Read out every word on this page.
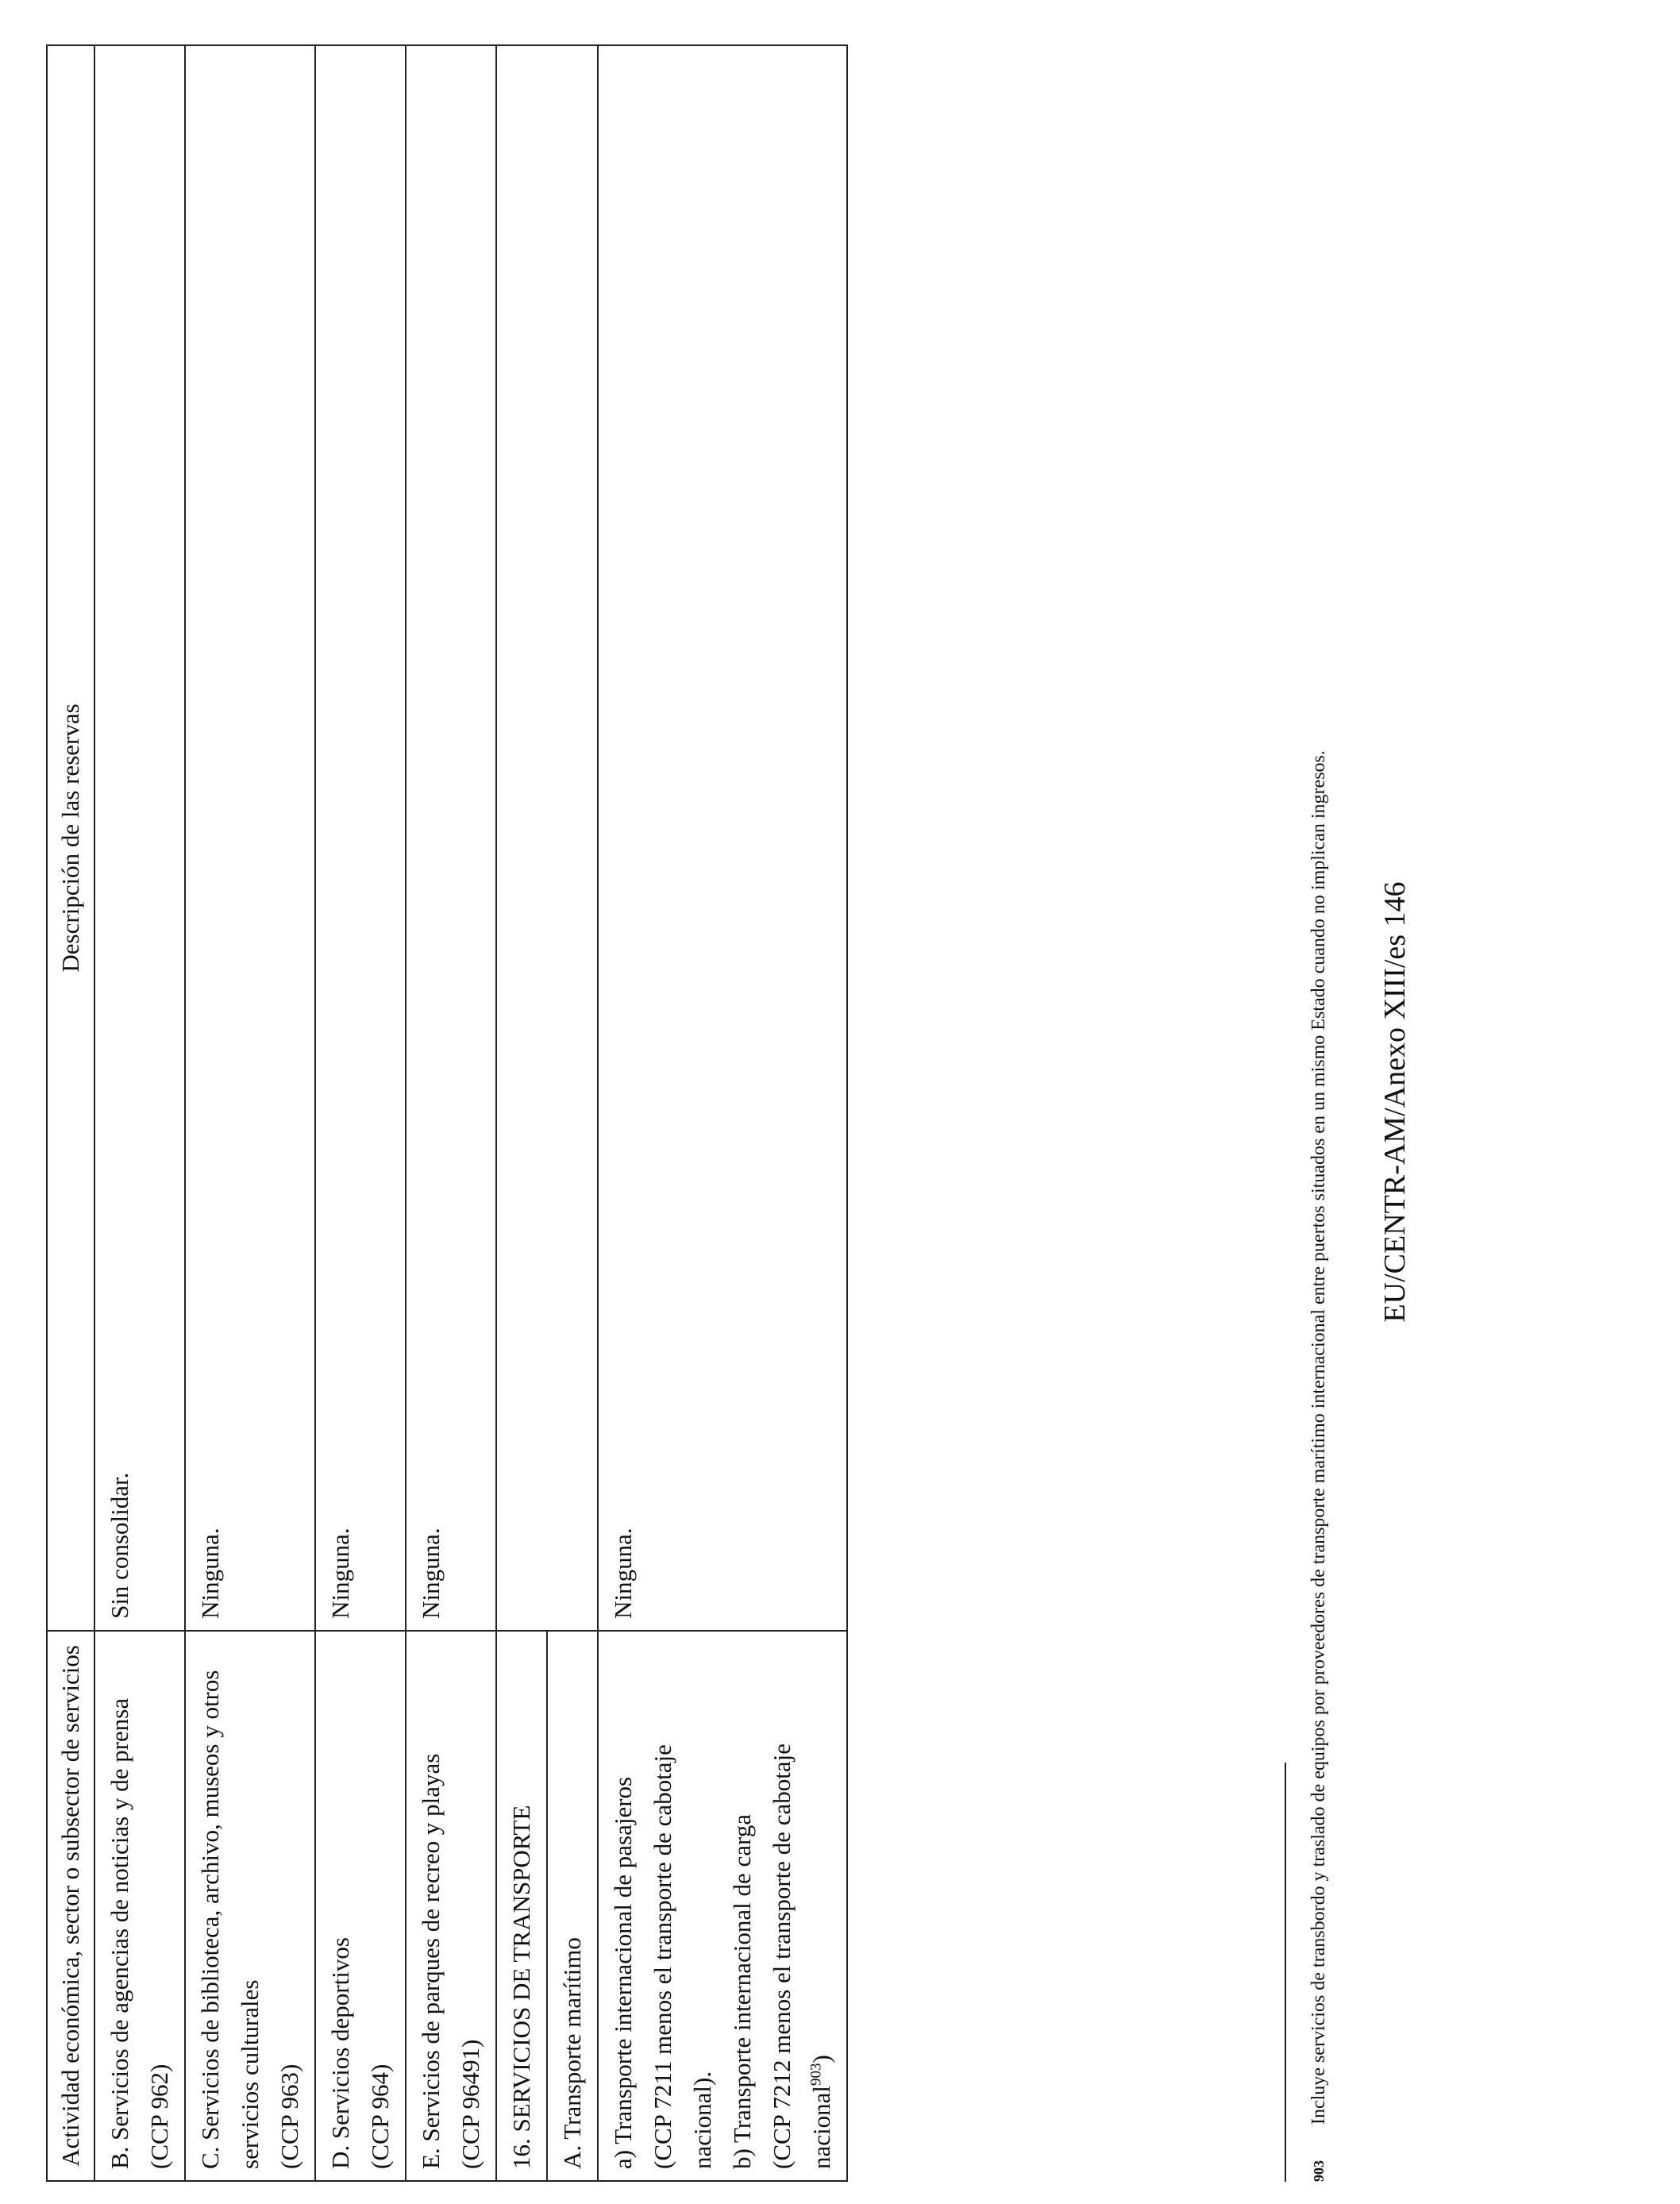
Actividad económica, sector o subsector de servicios	Descripción de las reservas

B. Servicios de agencias de noticias y de prensa (CCP 962)	Sin consolidar.

C. Servicios de biblioteca, archivo, museos y otros servicios culturales (CCP 963)	Ninguna.

D. Servicios deportivos (CCP 964)	Ninguna.

E. Servicios de parques de recreo y playas (CCP 96491)	Ninguna.

16. SERVICIOS DE TRANSPORTE	

A. Transporte marítimo	

a) Transporte internacional de pasajeros (CCP 7211 menos el transporte de cabotaje nacional). b) Transporte internacional de carga (CCP 7212 menos el transporte de cabotaje nacional$^{903}$)	Ninguna.
903Incluye servicios de transbordo y traslado de equipos por proveedores de transporte marítimo internacional entre puertos situados en un mismo Estado cuando no implican ingresos. EU/CENTR-AM/Anexo XIII/es 146
